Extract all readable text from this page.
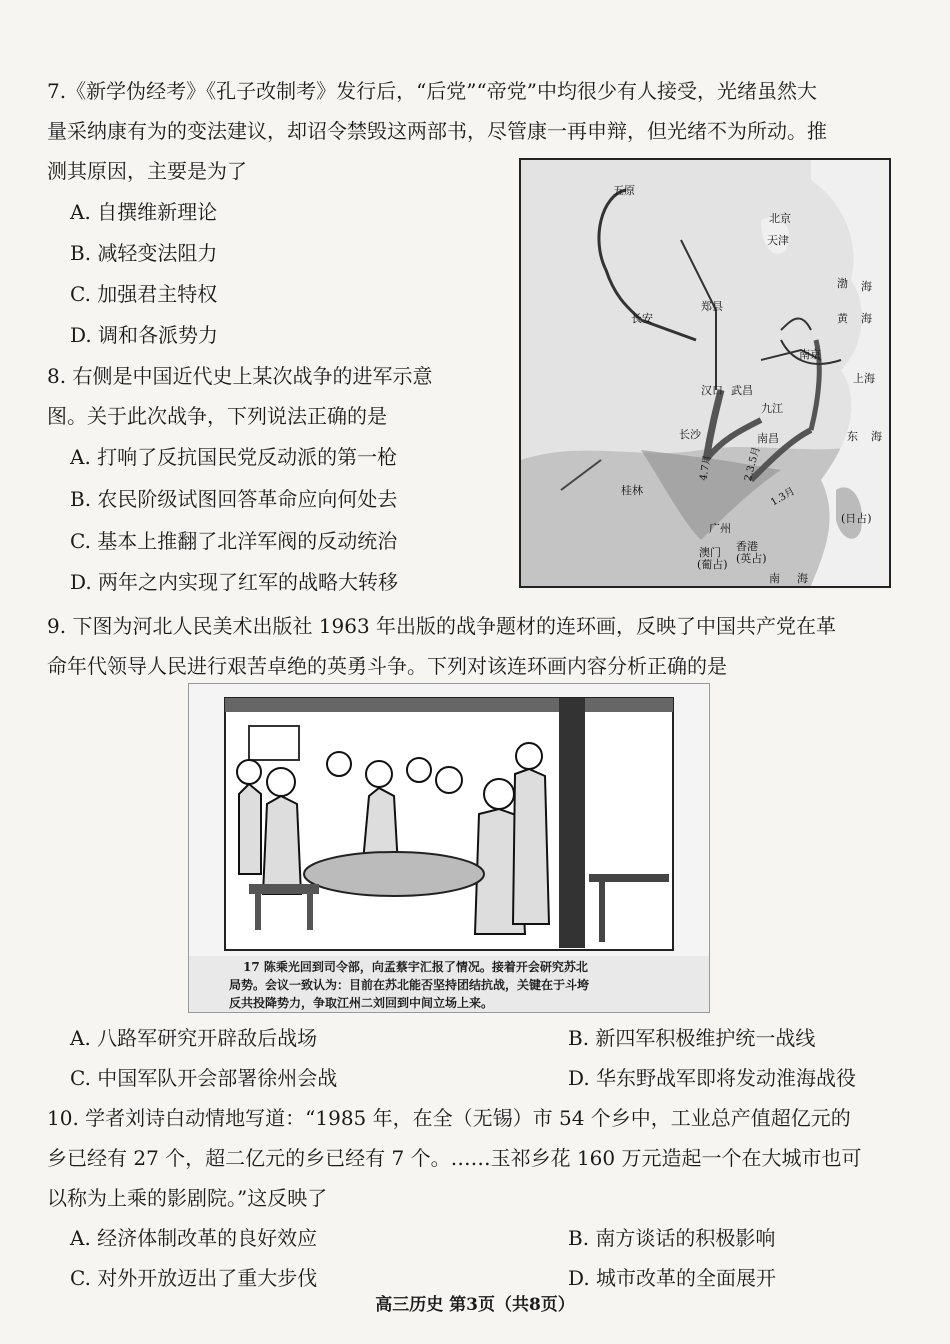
7.《新学伪经考》《孔子改制考》发行后，“后党”“帝党”中均很少有人接受，光绪虽然大
量采纳康有为的变法建议，却诏令禁毁这两部书，尽管康一再申辩，但光绪不为所动。推
测其原因，主要是为了
A. 自撰维新理论
B. 减轻变法阻力
C. 加强君主特权
D. 调和各派势力
8. 右侧是中国近代史上某次战争的进军示意
图。关于此次战争，下列说法正确的是
A. 打响了反抗国民党反动派的第一枪
B. 农民阶级试图回答革命应向何处去
C. 基本上推翻了北洋军阀的反动统治
D. 两年之内实现了红军的战略大转移
五原
北京
天津
郑县
长安
南京
上海
汉口 武昌
九江
长沙	南昌
桂林
广州
香港
澳门 (英占)
(葡占)
(日占)
渤 海
黄 海
东 海
南 海
4.7月	2.3.5月
1.3月
9. 下图为河北人民美术出版社 1963 年出版的战争题材的连环画，反映了中国共产党在革
命年代领导人民进行艰苦卓绝的英勇斗争。下列对该连环画内容分析正确的是
17 陈乘光回到司令部，向孟蔡宇汇报了情况。接着开会研究苏北
局势。会议一致认为：目前在苏北能否坚持团结抗战，关键在于斗垮
反共投降势力，争取江州二刘回到中间立场上来。
A. 八路军研究开辟敌后战场	B. 新四军积极维护统一战线
C. 中国军队开会部署徐州会战	D. 华东野战军即将发动淮海战役
10. 学者刘诗白动情地写道：“1985 年，在全（无锡）市 54 个乡中，工业总产值超亿元的
乡已经有 27 个，超二亿元的乡已经有 7 个。……玉祁乡花 160 万元造起一个在大城市也可
以称为上乘的影剧院。”这反映了
A. 经济体制改革的良好效应	B. 南方谈话的积极影响
C. 对外开放迈出了重大步伐	D. 城市改革的全面展开
高三历史 第3页（共8页）
